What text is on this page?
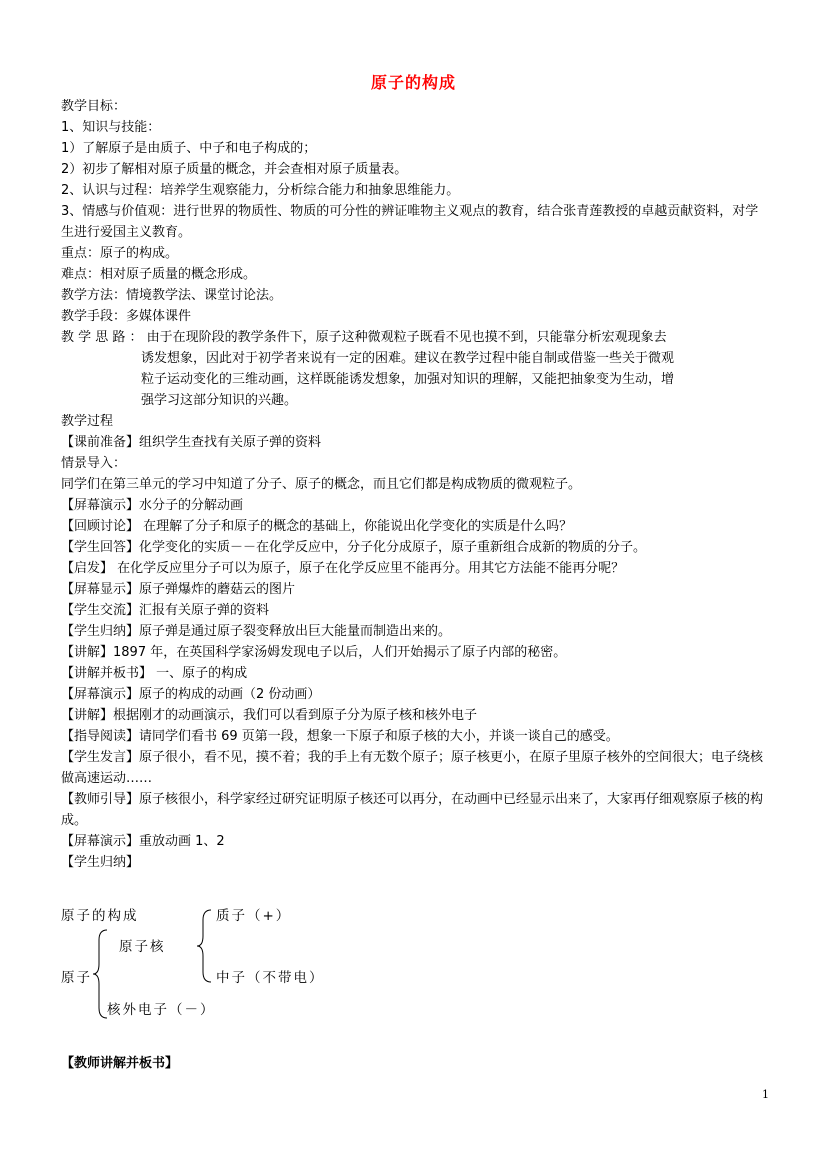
原子的构成
教学目标：
1、知识与技能：
1）了解原子是由质子、中子和电子构成的；
2）初步了解相对原子质量的概念，并会查相对原子质量表。
2、认识与过程：培养学生观察能力，分析综合能力和抽象思维能力。
3、情感与价值观：进行世界的物质性、物质的可分性的辨证唯物主义观点的教育，结合张青莲教授的卓越贡献资料，对学生进行爱国主义教育。
重点：原子的构成。
难点：相对原子质量的概念形成。
教学方法：情境教学法、课堂讨论法。
教学手段：多媒体课件
教 学 思 路 ： 由于在现阶段的教学条件下，原子这种微观粒子既看不见也摸不到，只能靠分析宏观现象去
诱发想象，因此对于初学者来说有一定的困难。建议在教学过程中能自制或借鉴一些关于微观
粒子运动变化的三维动画，这样既能诱发想象，加强对知识的理解，又能把抽象变为生动，增
强学习这部分知识的兴趣。
教学过程
【课前准备】组织学生查找有关原子弹的资料
情景导入：
同学们在第三单元的学习中知道了分子、原子的概念，而且它们都是构成物质的微观粒子。
【屏幕演示】水分子的分解动画
【回顾讨论】 在理解了分子和原子的概念的基础上，你能说出化学变化的实质是什么吗？
【学生回答】化学变化的实质－－在化学反应中，分子化分成原子，原子重新组合成新的物质的分子。
【启发】 在化学反应里分子可以为原子，原子在化学反应里不能再分。用其它方法能不能再分呢？
【屏幕显示】原子弹爆炸的蘑菇云的图片
【学生交流】汇报有关原子弹的资料
【学生归纳】原子弹是通过原子裂变释放出巨大能量而制造出来的。
【讲解】1897 年，在英国科学家汤姆发现电子以后，人们开始揭示了原子内部的秘密。
【讲解并板书】 一、原子的构成
【屏幕演示】原子的构成的动画（2 份动画）
【讲解】根据刚才的动画演示，我们可以看到原子分为原子核和核外电子
【指导阅读】请同学们看书 69 页第一段，想象一下原子和原子核的大小，并谈一谈自己的感受。
【学生发言】原子很小，看不见，摸不着；我的手上有无数个原子；原子核更小，在原子里原子核外的空间很大；电子绕核做高速运动……
【教师引导】原子核很小，科学家经过研究证明原子核还可以再分，在动画中已经显示出来了，大家再仔细观察原子核的构成。
【屏幕演示】重放动画 1、2
【学生归纳】
原子的构成
原子
原子核
质子（+）
中子（不带电）
核外电子（－）
【教师讲解并板书】
1
